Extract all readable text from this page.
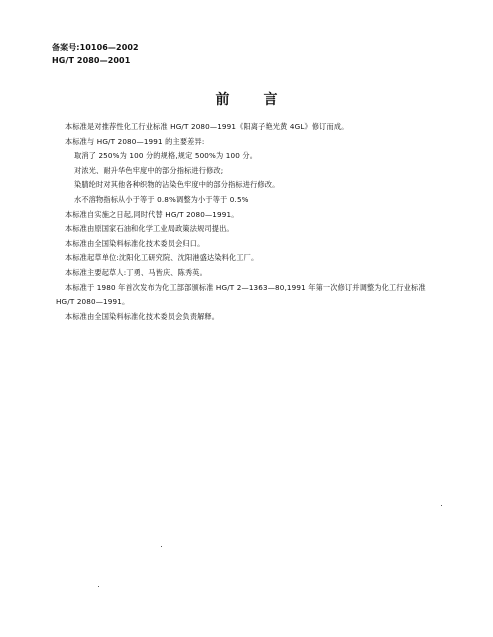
备案号:10106—2002
HG/T 2080—2001
前言

本标准是对推荐性化工行业标准 HG/T 2080—1991《阳离子艳光黄 4GL》修订而成。

本标准与 HG/T 2080—1991 的主要差异:

取消了 250%为 100 分的规格,规定 500%为 100 分。

对浓光、耐升华色牢度中的部分指标进行修改;

染腈纶时对其他各种织物的沾染色牢度中的部分指标进行修改。

水不溶物指标从小于等于 0.8%调整为小于等于 0.5%

本标准自实施之日起,同时代替 HG/T 2080—1991。

本标准由原国家石油和化学工业局政策法规司提出。

本标准由全国染料标准化技术委员会归口。

本标准起草单位:沈阳化工研究院、沈阳港盛达染料化工厂。

本标准主要起草人:丁勇、马皆庆、陈秀英。

本标准于 1980 年首次发布为化工部部颁标准 HG/T 2—1363—80,1991 年第一次修订并调整为化工行业标准 HG/T 2080—1991。

本标准由全国染料标准化技术委员会负责解释。
